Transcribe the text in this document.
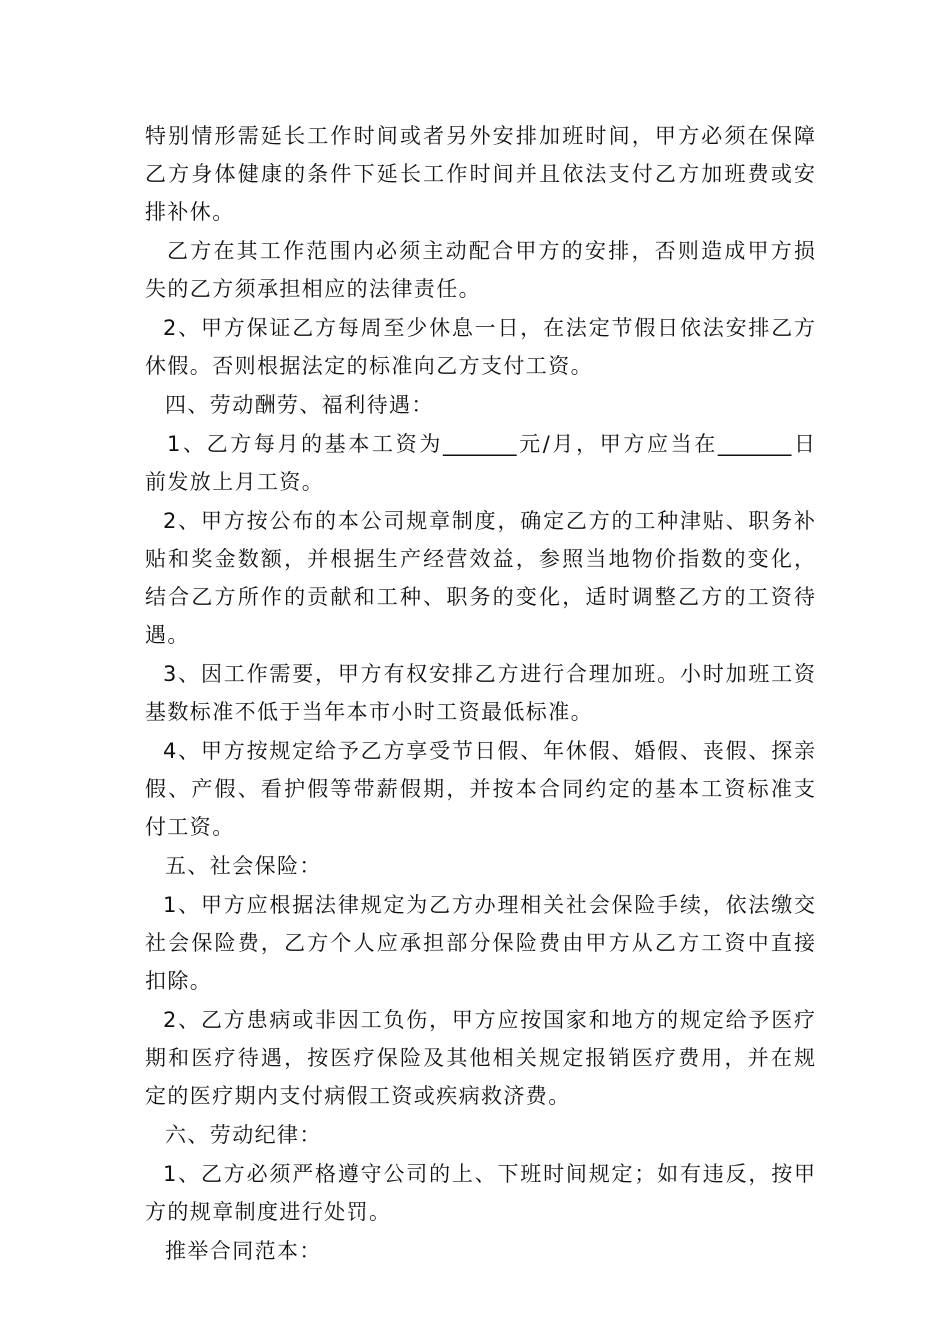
特别情形需延长工作时间或者另外安排加班时间，甲方必须在保障
乙方身体健康的条件下延长工作时间并且依法支付乙方加班费或安
排补休。
乙方在其工作范围内必须主动配合甲方的安排，否则造成甲方损
失的乙方须承担相应的法律责任。
2、甲方保证乙方每周至少休息一日，在法定节假日依法安排乙方
休假。否则根据法定的标准向乙方支付工资。
四、劳动酬劳、福利待遇：
1、乙方每月的基本工资为_______元/月，甲方应当在_______日
前发放上月工资。
2、甲方按公布的本公司规章制度，确定乙方的工种津贴、职务补
贴和奖金数额，并根据生产经营效益，参照当地物价指数的变化，
结合乙方所作的贡献和工种、职务的变化，适时调整乙方的工资待
遇。
3、因工作需要，甲方有权安排乙方进行合理加班。小时加班工资
基数标准不低于当年本市小时工资最低标准。
4、甲方按规定给予乙方享受节日假、年休假、婚假、丧假、探亲
假、产假、看护假等带薪假期，并按本合同约定的基本工资标准支
付工资。
五、社会保险：
1、甲方应根据法律规定为乙方办理相关社会保险手续，依法缴交
社会保险费，乙方个人应承担部分保险费由甲方从乙方工资中直接
扣除。
2、乙方患病或非因工负伤，甲方应按国家和地方的规定给予医疗
期和医疗待遇，按医疗保险及其他相关规定报销医疗费用，并在规
定的医疗期内支付病假工资或疾病救济费。
六、劳动纪律：
1、乙方必须严格遵守公司的上、下班时间规定；如有违反，按甲
方的规章制度进行处罚。
推举合同范本：
